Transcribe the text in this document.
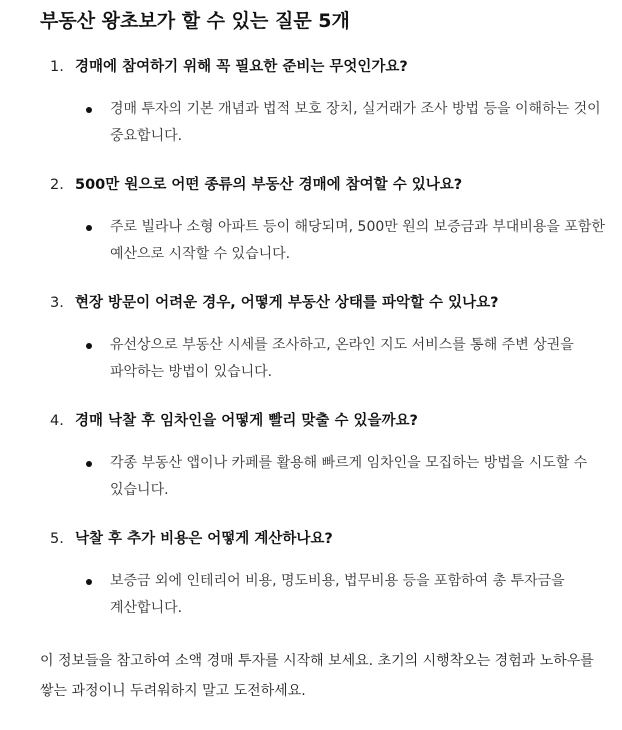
부동산 왕초보가 할 수 있는 질문 5개
1. 경매에 참여하기 위해 꼭 필요한 준비는 무엇인가요?
경매 투자의 기본 개념과 법적 보호 장치, 실거래가 조사 방법 등을 이해하는 것이 중요합니다.
2. 500만 원으로 어떤 종류의 부동산 경매에 참여할 수 있나요?
주로 빌라나 소형 아파트 등이 해당되며, 500만 원의 보증금과 부대비용을 포함한 예산으로 시작할 수 있습니다.
3. 현장 방문이 어려운 경우, 어떻게 부동산 상태를 파악할 수 있나요?
유선상으로 부동산 시세를 조사하고, 온라인 지도 서비스를 통해 주변 상권을 파악하는 방법이 있습니다.
4. 경매 낙찰 후 임차인을 어떻게 빨리 맞출 수 있을까요?
각종 부동산 앱이나 카페를 활용해 빠르게 임차인을 모집하는 방법을 시도할 수 있습니다.
5. 낙찰 후 추가 비용은 어떻게 계산하나요?
보증금 외에 인테리어 비용, 명도비용, 법무비용 등을 포함하여 총 투자금을 계산합니다.

이 정보들을 참고하여 소액 경매 투자를 시작해 보세요. 초기의 시행착오는 경험과 노하우를 쌓는 과정이니 두려워하지 말고 도전하세요.
